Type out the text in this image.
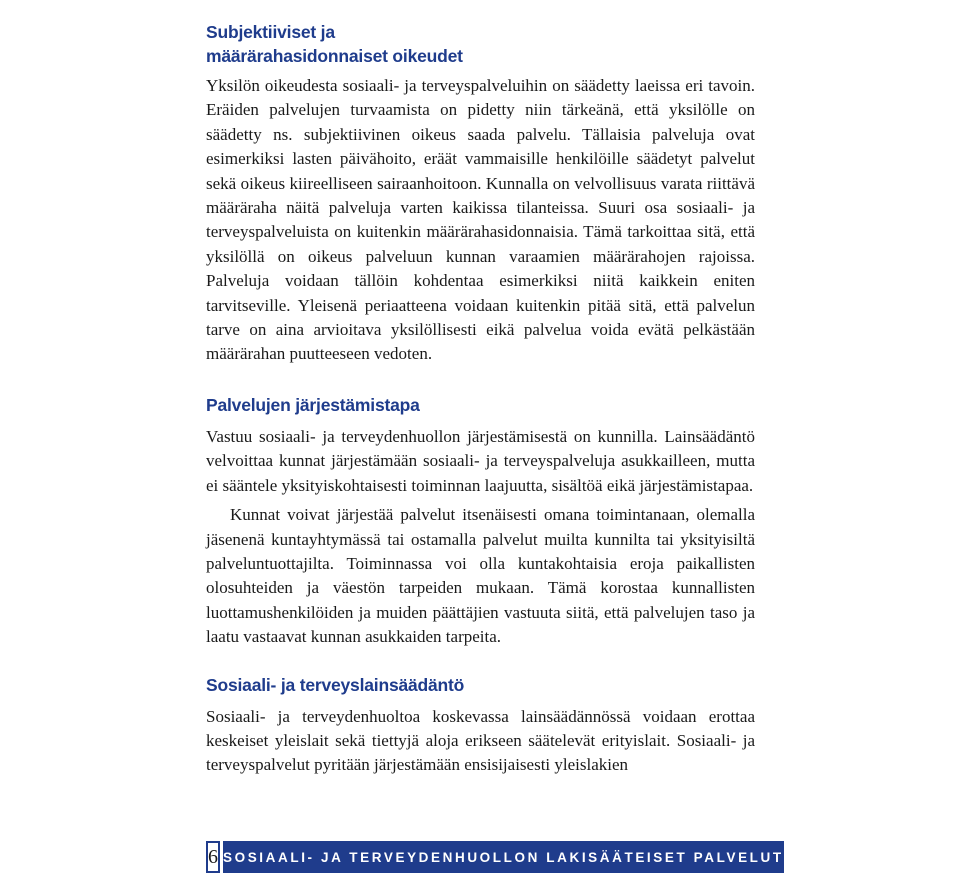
Subjektiiviset ja
määrärahasidonnaiset oikeudet

Yksilön oikeudesta sosiaali- ja terveyspalveluihin on säädetty laeissa eri tavoin. Eräiden palvelujen turvaamista on pidetty niin tärkeänä, että yksilölle on säädetty ns. subjektiivinen oikeus saada palvelu. Tällaisia palveluja ovat esimerkiksi lasten päivähoito, eräät vammaisille henkilöille säädetyt palvelut sekä oikeus kiireelliseen sairaanhoitoon. Kunnalla on velvollisuus varata riittävä määräraha näitä palveluja varten kaikissa tilanteissa. Suuri osa sosiaali- ja terveyspalveluista on kuitenkin määrärahasidonnaisia. Tämä tarkoittaa sitä, että yksilöllä on oikeus palveluun kunnan varaamien määrärahojen rajoissa. Palveluja voidaan tällöin kohdentaa esimerkiksi niitä kaikkein eniten tarvitseville. Yleisenä periaatteena voidaan kuitenkin pitää sitä, että palvelun tarve on aina arvioitava yksilöllisesti eikä palvelua voida evätä pelkästään määrärahan puutteeseen vedoten.

Palvelujen järjestämistapa

Vastuu sosiaali- ja terveydenhuollon järjestämisestä on kunnilla. Lainsäädäntö velvoittaa kunnat järjestämään sosiaali- ja terveyspalveluja asukkailleen, mutta ei sääntele yksityiskohtaisesti toiminnan laajuutta, sisältöä eikä järjestämistapaa.

Kunnat voivat järjestää palvelut itsenäisesti omana toimintanaan, olemalla jäsenenä kuntayhtymässä tai ostamalla palvelut muilta kunnilta tai yksityisiltä palveluntuottajilta. Toiminnassa voi olla kuntakohtaisia eroja paikallisten olosuhteiden ja väestön tarpeiden mukaan. Tämä korostaa kunnallisten luottamushenkilöiden ja muiden päättäjien vastuuta siitä, että palvelujen taso ja laatu vastaavat kunnan asukkaiden tarpeita.

Sosiaali- ja terveyslainsäädäntö

Sosiaali- ja terveydenhuoltoa koskevassa lainsäädännössä voidaan erottaa keskeiset yleislait sekä tiettyjä aloja erikseen säätelevät erityislait. Sosiaali- ja terveyspalvelut pyritään järjestämään ensisijaisesti yleislakien

6 SOSIAALI- JA TERVEYDENHUOLLON LAKISÄÄTEISET PALVELUT
